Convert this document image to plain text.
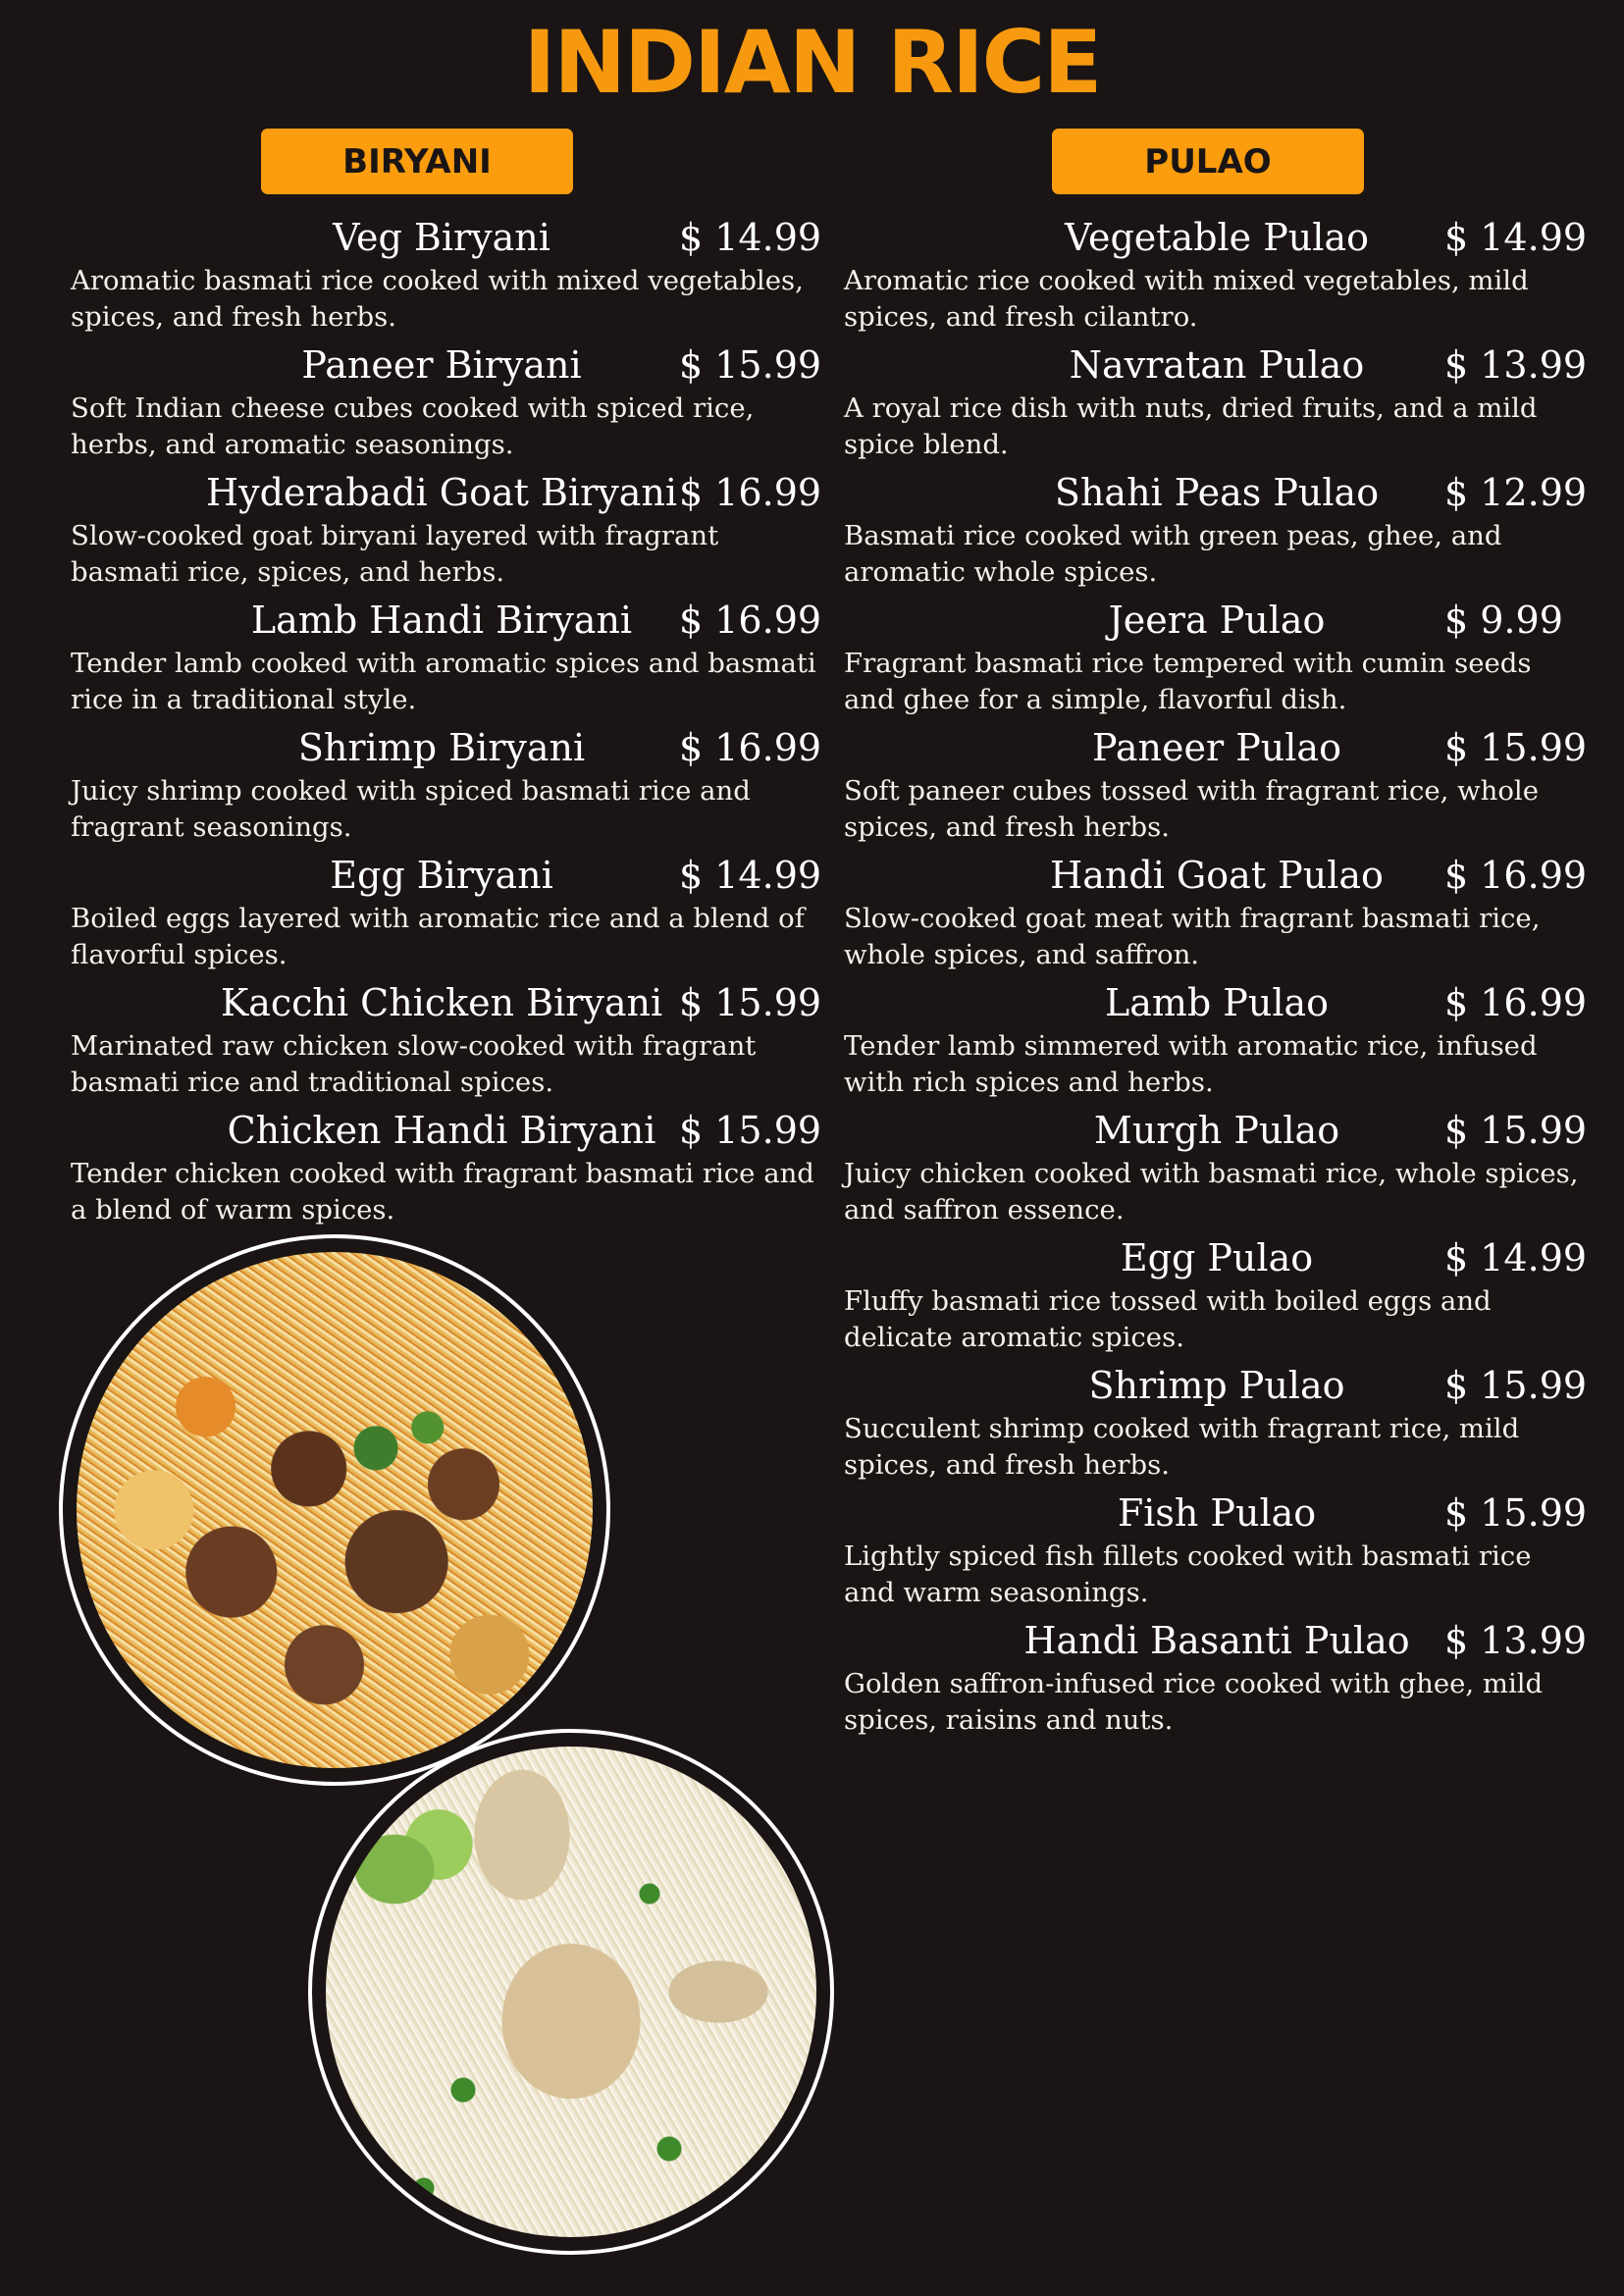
INDIAN RICE
BIRYANI	PULAO
Veg Biryani	$ 14.99
Aromatic basmati rice cooked with mixed vegetables, spices, and fresh herbs.
Paneer Biryani	$ 15.99
Soft Indian cheese cubes cooked with spiced rice, herbs, and aromatic seasonings.
Hyderabadi Goat Biryani $ 16.99
Slow-cooked goat biryani layered with fragrant basmati rice, spices, and herbs.
Lamb Handi Biryani $ 16.99
Tender lamb cooked with aromatic spices and basmati rice in a traditional style.
Shrimp Biryani	$ 16.99
Juicy shrimp cooked with spiced basmati rice and fragrant seasonings.
Egg Biryani	$ 14.99
Boiled eggs layered with aromatic rice and a blend of flavorful spices.
Kacchi Chicken Biryani $ 15.99
Marinated raw chicken slow-cooked with fragrant basmati rice and traditional spices.
Chicken Handi Biryani $ 15.99
Tender chicken cooked with fragrant basmati rice and a blend of warm spices.
Vegetable Pulao $ 14.99
Aromatic rice cooked with mixed vegetables, mild spices, and fresh cilantro.
Navratan Pulao $ 13.99
A royal rice dish with nuts, dried fruits, and a mild spice blend.
Shahi Peas Pulao $ 12.99
Basmati rice cooked with green peas, ghee, and aromatic whole spices.
Jeera Pulao	$ 9.99
Fragrant basmati rice tempered with cumin seeds and ghee for a simple, flavorful dish.
Paneer Pulao	$ 15.99
Soft paneer cubes tossed with fragrant rice, whole spices, and fresh herbs.
Handi Goat Pulao $ 16.99
Slow-cooked goat meat with fragrant basmati rice, whole spices, and saffron.
Lamb Pulao	$ 16.99
Tender lamb simmered with aromatic rice, infused with rich spices and herbs.
Murgh Pulao	$ 15.99
Juicy chicken cooked with basmati rice, whole spices, and saffron essence.
Egg Pulao	$ 14.99
Fluffy basmati rice tossed with boiled eggs and delicate aromatic spices.
Shrimp Pulao	$ 15.99
Succulent shrimp cooked with fragrant rice, mild spices, and fresh herbs.
Fish Pulao	$ 15.99
Lightly spiced fish fillets cooked with basmati rice and warm seasonings.
Handi Basanti Pulao $ 13.99
Golden saffron-infused rice cooked with ghee, mild spices, raisins and nuts.
